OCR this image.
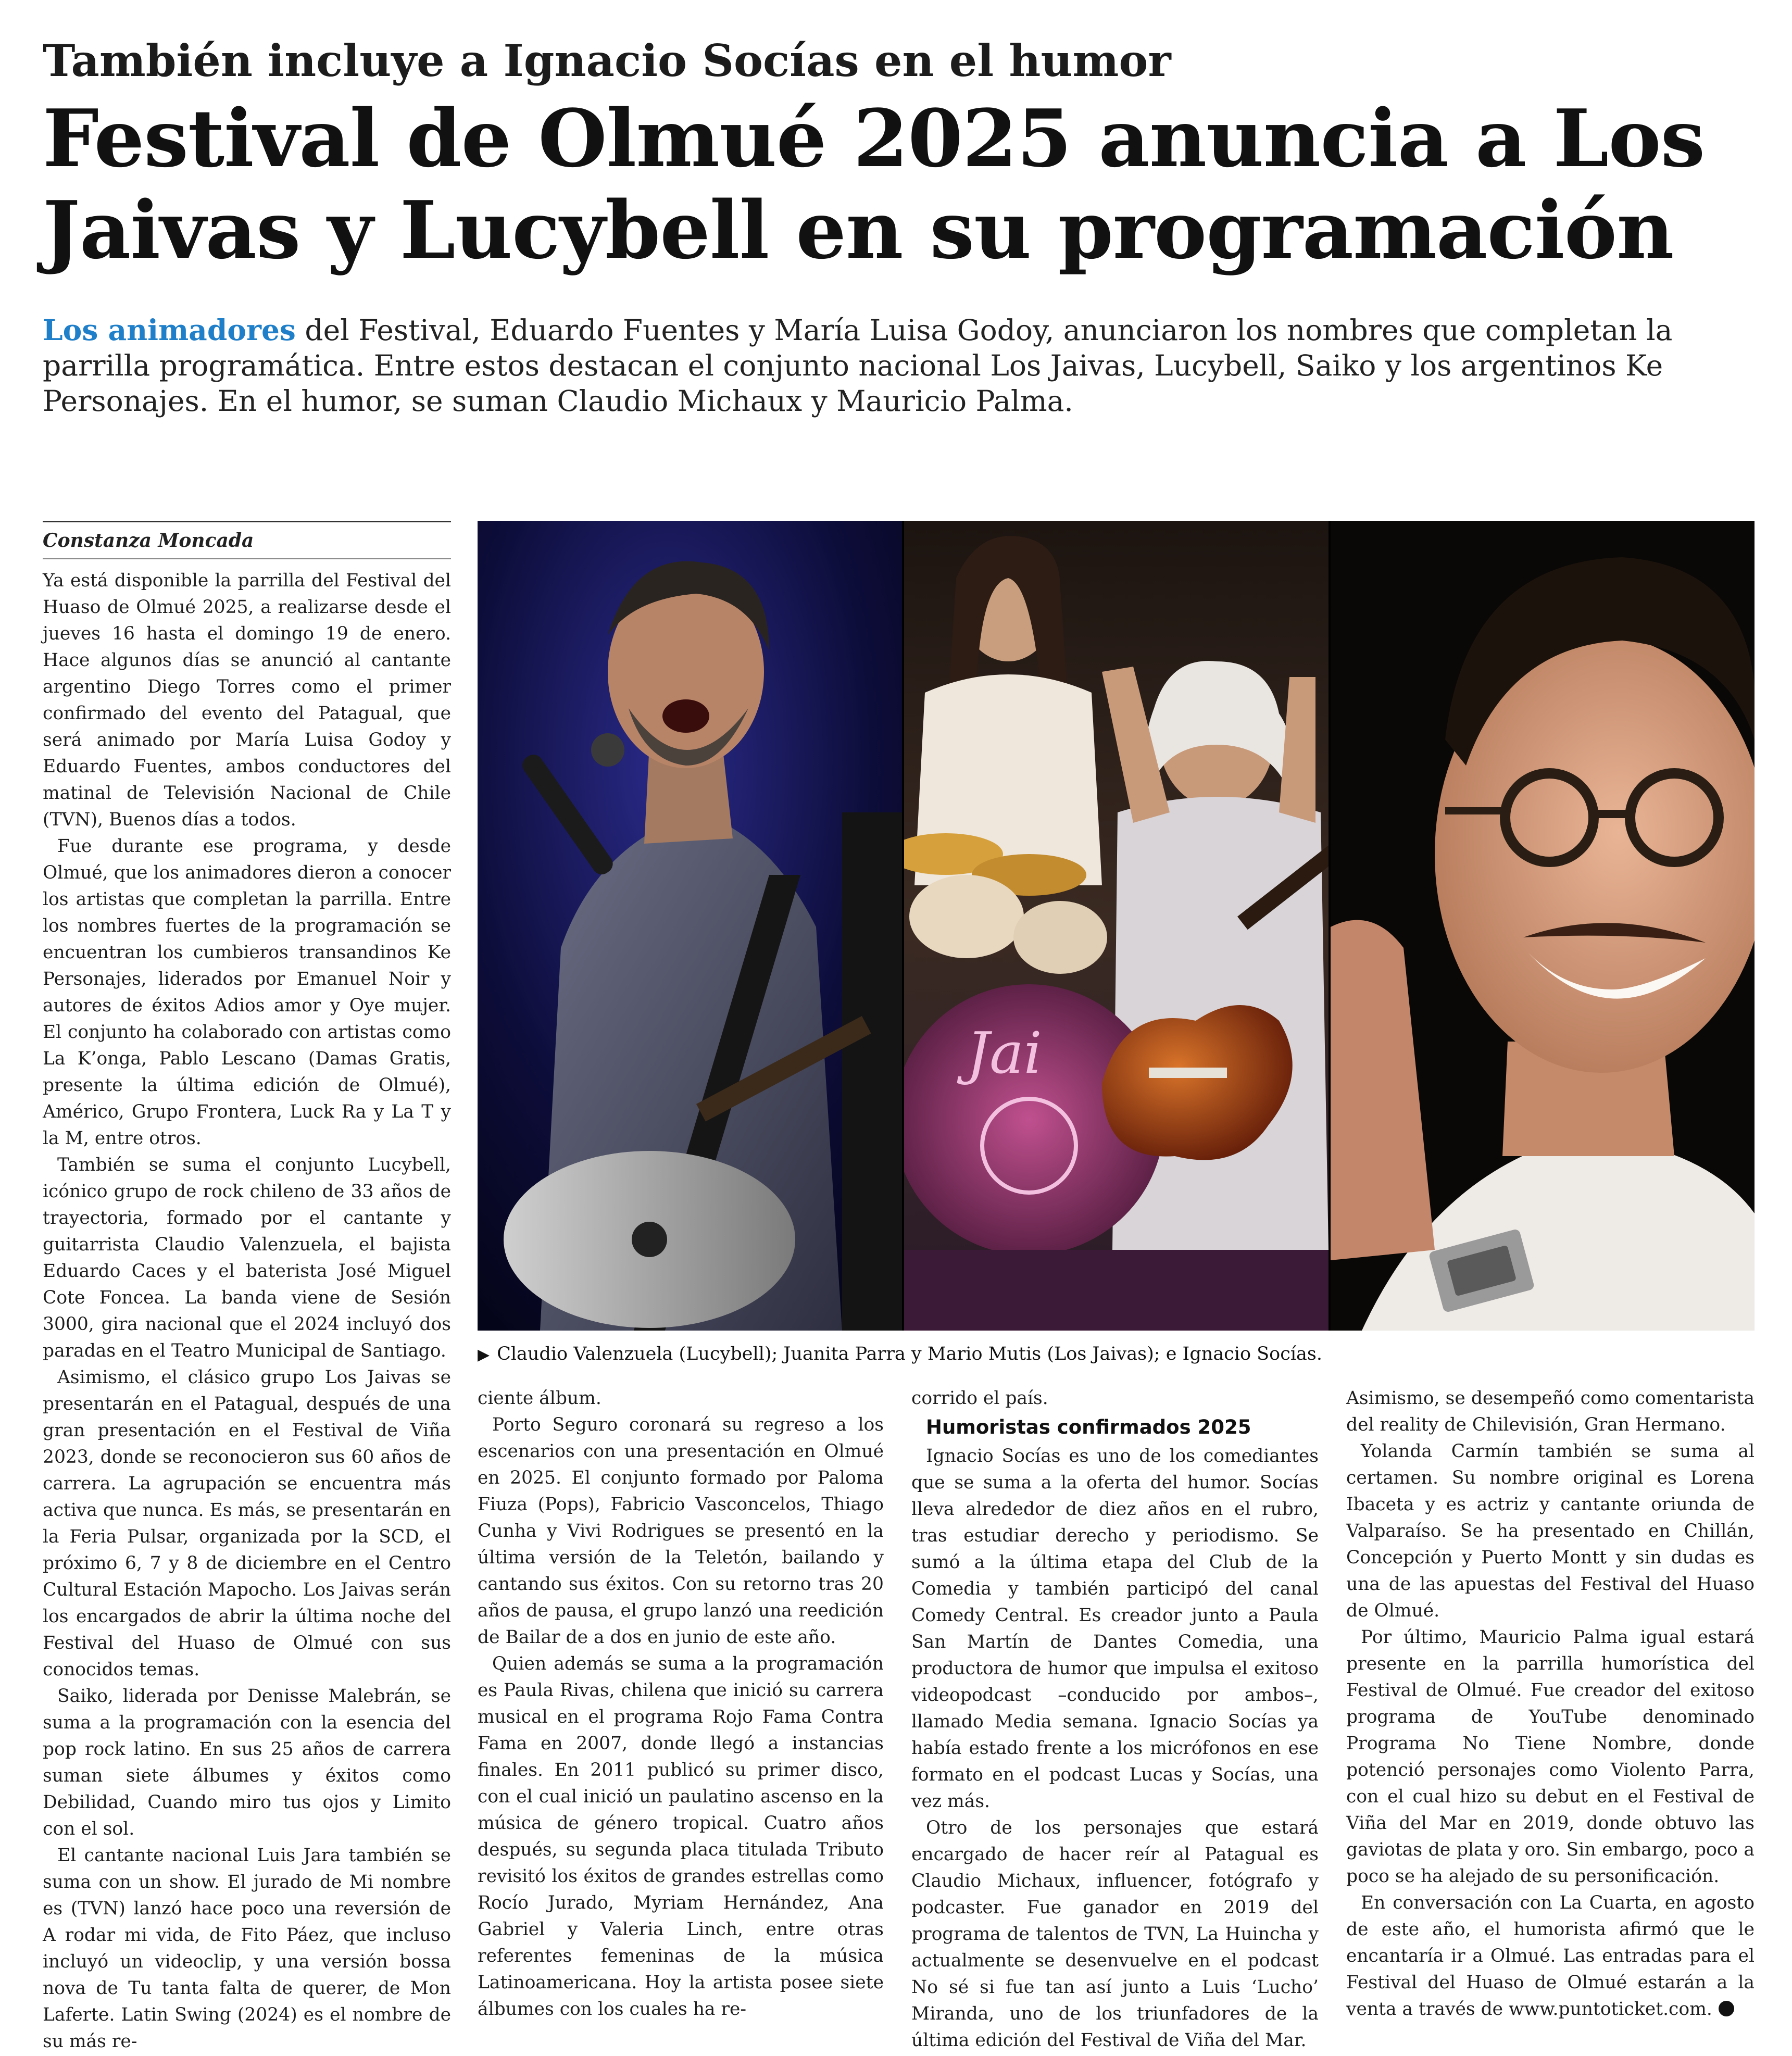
También incluye a Ignacio Socías en el humor
Festival de Olmué 2025 anuncia a Los
Jaivas y Lucybell en su programación
Los animadores del Festival, Eduardo Fuentes y María Luisa Godoy, anunciaron los nombres que completan la parrilla programática. Entre estos destacan el conjunto nacional Los Jaivas, Lucybell, Saiko y los argentinos Ke Personajes. En el humor, se suman Claudio Michaux y Mauricio Palma.
Constanza Moncada

Ya está disponible la parrilla del Festival del Huaso de Olmué 2025, a realizarse desde el jueves 16 hasta el domingo 19 de enero. Hace algunos días se anunció al cantante argentino Diego Torres como el primer confirmado del evento del Patagual, que será animado por María Luisa Godoy y Eduardo Fuentes, ambos conductores del matinal de Televisión Nacional de Chile (TVN), Buenos días a todos.

Fue durante ese programa, y desde Olmué, que los animadores dieron a conocer los artistas que completan la parrilla. Entre los nombres fuertes de la programación se encuentran los cumbieros transandinos Ke Personajes, liderados por Emanuel Noir y autores de éxitos Adios amor y Oye mujer. El conjunto ha colaborado con artistas como La K’onga, Pablo Lescano (Damas Gratis, presente la última edición de Olmué), Américo, Grupo Frontera, Luck Ra y La T y la M, entre otros.

También se suma el conjunto Lucybell, icónico grupo de rock chileno de 33 años de trayectoria, formado por el cantante y guitarrista Claudio Valenzuela, el bajista Eduardo Caces y el baterista José Miguel Cote Foncea. La banda viene de Sesión 3000, gira nacional que el 2024 incluyó dos paradas en el Teatro Municipal de Santiago.

Asimismo, el clásico grupo Los Jaivas se presentarán en el Patagual, después de una gran presentación en el Festival de Viña 2023, donde se reconocieron sus 60 años de carrera. La agrupación se encuentra más activa que nunca. Es más, se presentarán en la Feria Pulsar, organizada por la SCD, el próximo 6, 7 y 8 de diciembre en el Centro Cultural Estación Mapocho. Los Jaivas serán los encargados de abrir la última noche del Festival del Huaso de Olmué con sus conocidos temas.

Saiko, liderada por Denisse Malebrán, se suma a la programación con la esencia del pop rock latino. En sus 25 años de carrera suman siete álbumes y éxitos como Debilidad, Cuando miro tus ojos y Limito con el sol.

El cantante nacional Luis Jara también se suma con un show. El jurado de Mi nombre es (TVN) lanzó hace poco una reversión de A rodar mi vida, de Fito Páez, que incluso incluyó un videoclip, y una versión bossa nova de Tu tanta falta de querer, de Mon Laferte. Latin Swing (2024) es el nombre de su más re-

Jai
▶ Claudio Valenzuela (Lucybell); Juanita Parra y Mario Mutis (Los Jaivas); e Ignacio Socías.

ciente álbum.

Porto Seguro coronará su regreso a los escenarios con una presentación en Olmué en 2025. El conjunto formado por Paloma Fiuza (Pops), Fabricio Vasconcelos, Thiago Cunha y Vivi Rodrigues se presentó en la última versión de la Teletón, bailando y cantando sus éxitos. Con su retorno tras 20 años de pausa, el grupo lanzó una reedición de Bailar de a dos en junio de este año.

Quien además se suma a la programación es Paula Rivas, chilena que inició su carrera musical en el programa Rojo Fama Contra Fama en 2007, donde llegó a instancias finales. En 2011 publicó su primer disco, con el cual inició un paulatino ascenso en la música de género tropical. Cuatro años después, su segunda placa titulada Tributo revisitó los éxitos de grandes estrellas como Rocío Jurado, Myriam Hernández, Ana Gabriel y Valeria Linch, entre otras referentes femeninas de la música Latinoamericana. Hoy la artista posee siete álbumes con los cuales ha re-

corrido el país.

Humoristas confirmados 2025

Ignacio Socías es uno de los comediantes que se suma a la oferta del humor. Socías lleva alrededor de diez años en el rubro, tras estudiar derecho y periodismo. Se sumó a la última etapa del Club de la Comedia y también participó del canal Comedy Central. Es creador junto a Paula San Martín de Dantes Comedia, una productora de humor que impulsa el exitoso videopodcast –conducido por ambos–, llamado Media semana. Ignacio Socías ya había estado frente a los micrófonos en ese formato en el podcast Lucas y Socías, una vez más.

Otro de los personajes que estará encargado de hacer reír al Patagual es Claudio Michaux, influencer, fotógrafo y podcaster. Fue ganador en 2019 del programa de talentos de TVN, La Huincha y actualmente se desenvuelve en el podcast No sé si fue tan así junto a Luis ‘Lucho’ Miranda, uno de los triunfadores de la última edición del Festival de Viña del Mar.

Asimismo, se desempeñó como comentarista del reality de Chilevisión, Gran Hermano.

Yolanda Carmín también se suma al certamen. Su nombre original es Lorena Ibaceta y es actriz y cantante oriunda de Valparaíso. Se ha presentado en Chillán, Concepción y Puerto Montt y sin dudas es una de las apuestas del Festival del Huaso de Olmué.

Por último, Mauricio Palma igual estará presente en la parrilla humorística del Festival de Olmué. Fue creador del exitoso programa de YouTube denominado Programa No Tiene Nombre, donde potenció personajes como Violento Parra, con el cual hizo su debut en el Festival de Viña del Mar en 2019, donde obtuvo las gaviotas de plata y oro. Sin embargo, poco a poco se ha alejado de su personificación.

En conversación con La Cuarta, en agosto de este año, el humorista afirmó que le encantaría ir a Olmué. Las entradas para el Festival del Huaso de Olmué estarán a la venta a través de www.puntoticket.com.
